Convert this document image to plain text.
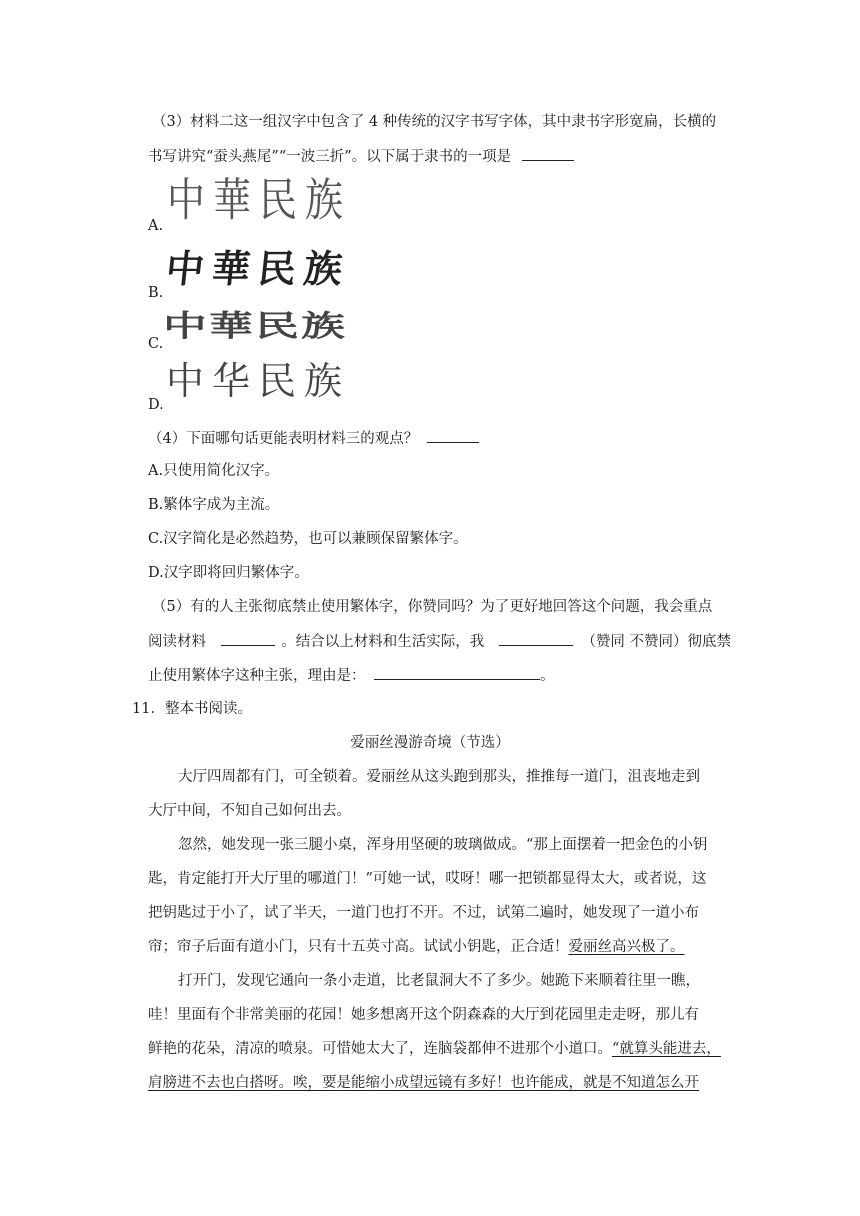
（3）材料二这一组汉字中包含了 4 种传统的汉字书写字体，其中隶书字形宽扁，长横的
书写讲究“蚕头燕尾”“一波三折”。以下属于隶书的一项是
A. 中 華 民 族
B.
中 華 民 族
C.
中 華 民 族
D.
中 华 民 族
（4）下面哪句话更能表明材料三的观点？
A.只使用简化汉字。
B.繁体字成为主流。
C.汉字简化是必然趋势，也可以兼顾保留繁体字。
D.汉字即将回归繁体字。
（5）有的人主张彻底禁止使用繁体字，你赞同吗？为了更好地回答这个问题，我会重点
阅读材料	。结合以上材料和生活实际，我	（赞同 不赞同）彻底禁
止使用繁体字这种主张，理由是：	。
11．整本书阅读。
爱丽丝漫游奇境（节选）
大厅四周都有门，可全锁着。爱丽丝从这头跑到那头，推推每一道门，沮丧地走到
大厅中间，不知自己如何出去。
忽然，她发现一张三腿小桌，浑身用坚硬的玻璃做成。“那上面摆着一把金色的小钥
匙，肯定能打开大厅里的哪道门！”可她一试，哎呀！哪一把锁都显得太大，或者说，这
把钥匙过于小了，试了半天，一道门也打不开。不过，试第二遍时，她发现了一道小布
帘；帘子后面有道小门，只有十五英寸高。试试小钥匙，正合适！爱丽丝高兴极了。
打开门，发现它通向一条小走道，比老鼠洞大不了多少。她跪下来顺着往里一瞧，
哇！里面有个非常美丽的花园！她多想离开这个阴森森的大厅到花园里走走呀，那儿有
鲜艳的花朵，清凉的喷泉。可惜她太大了，连脑袋都伸不进那个小道口。“就算头能进去，
肩膀进不去也白搭呀。唉，要是能缩小成望远镜有多好！也许能成，就是不知道怎么开
